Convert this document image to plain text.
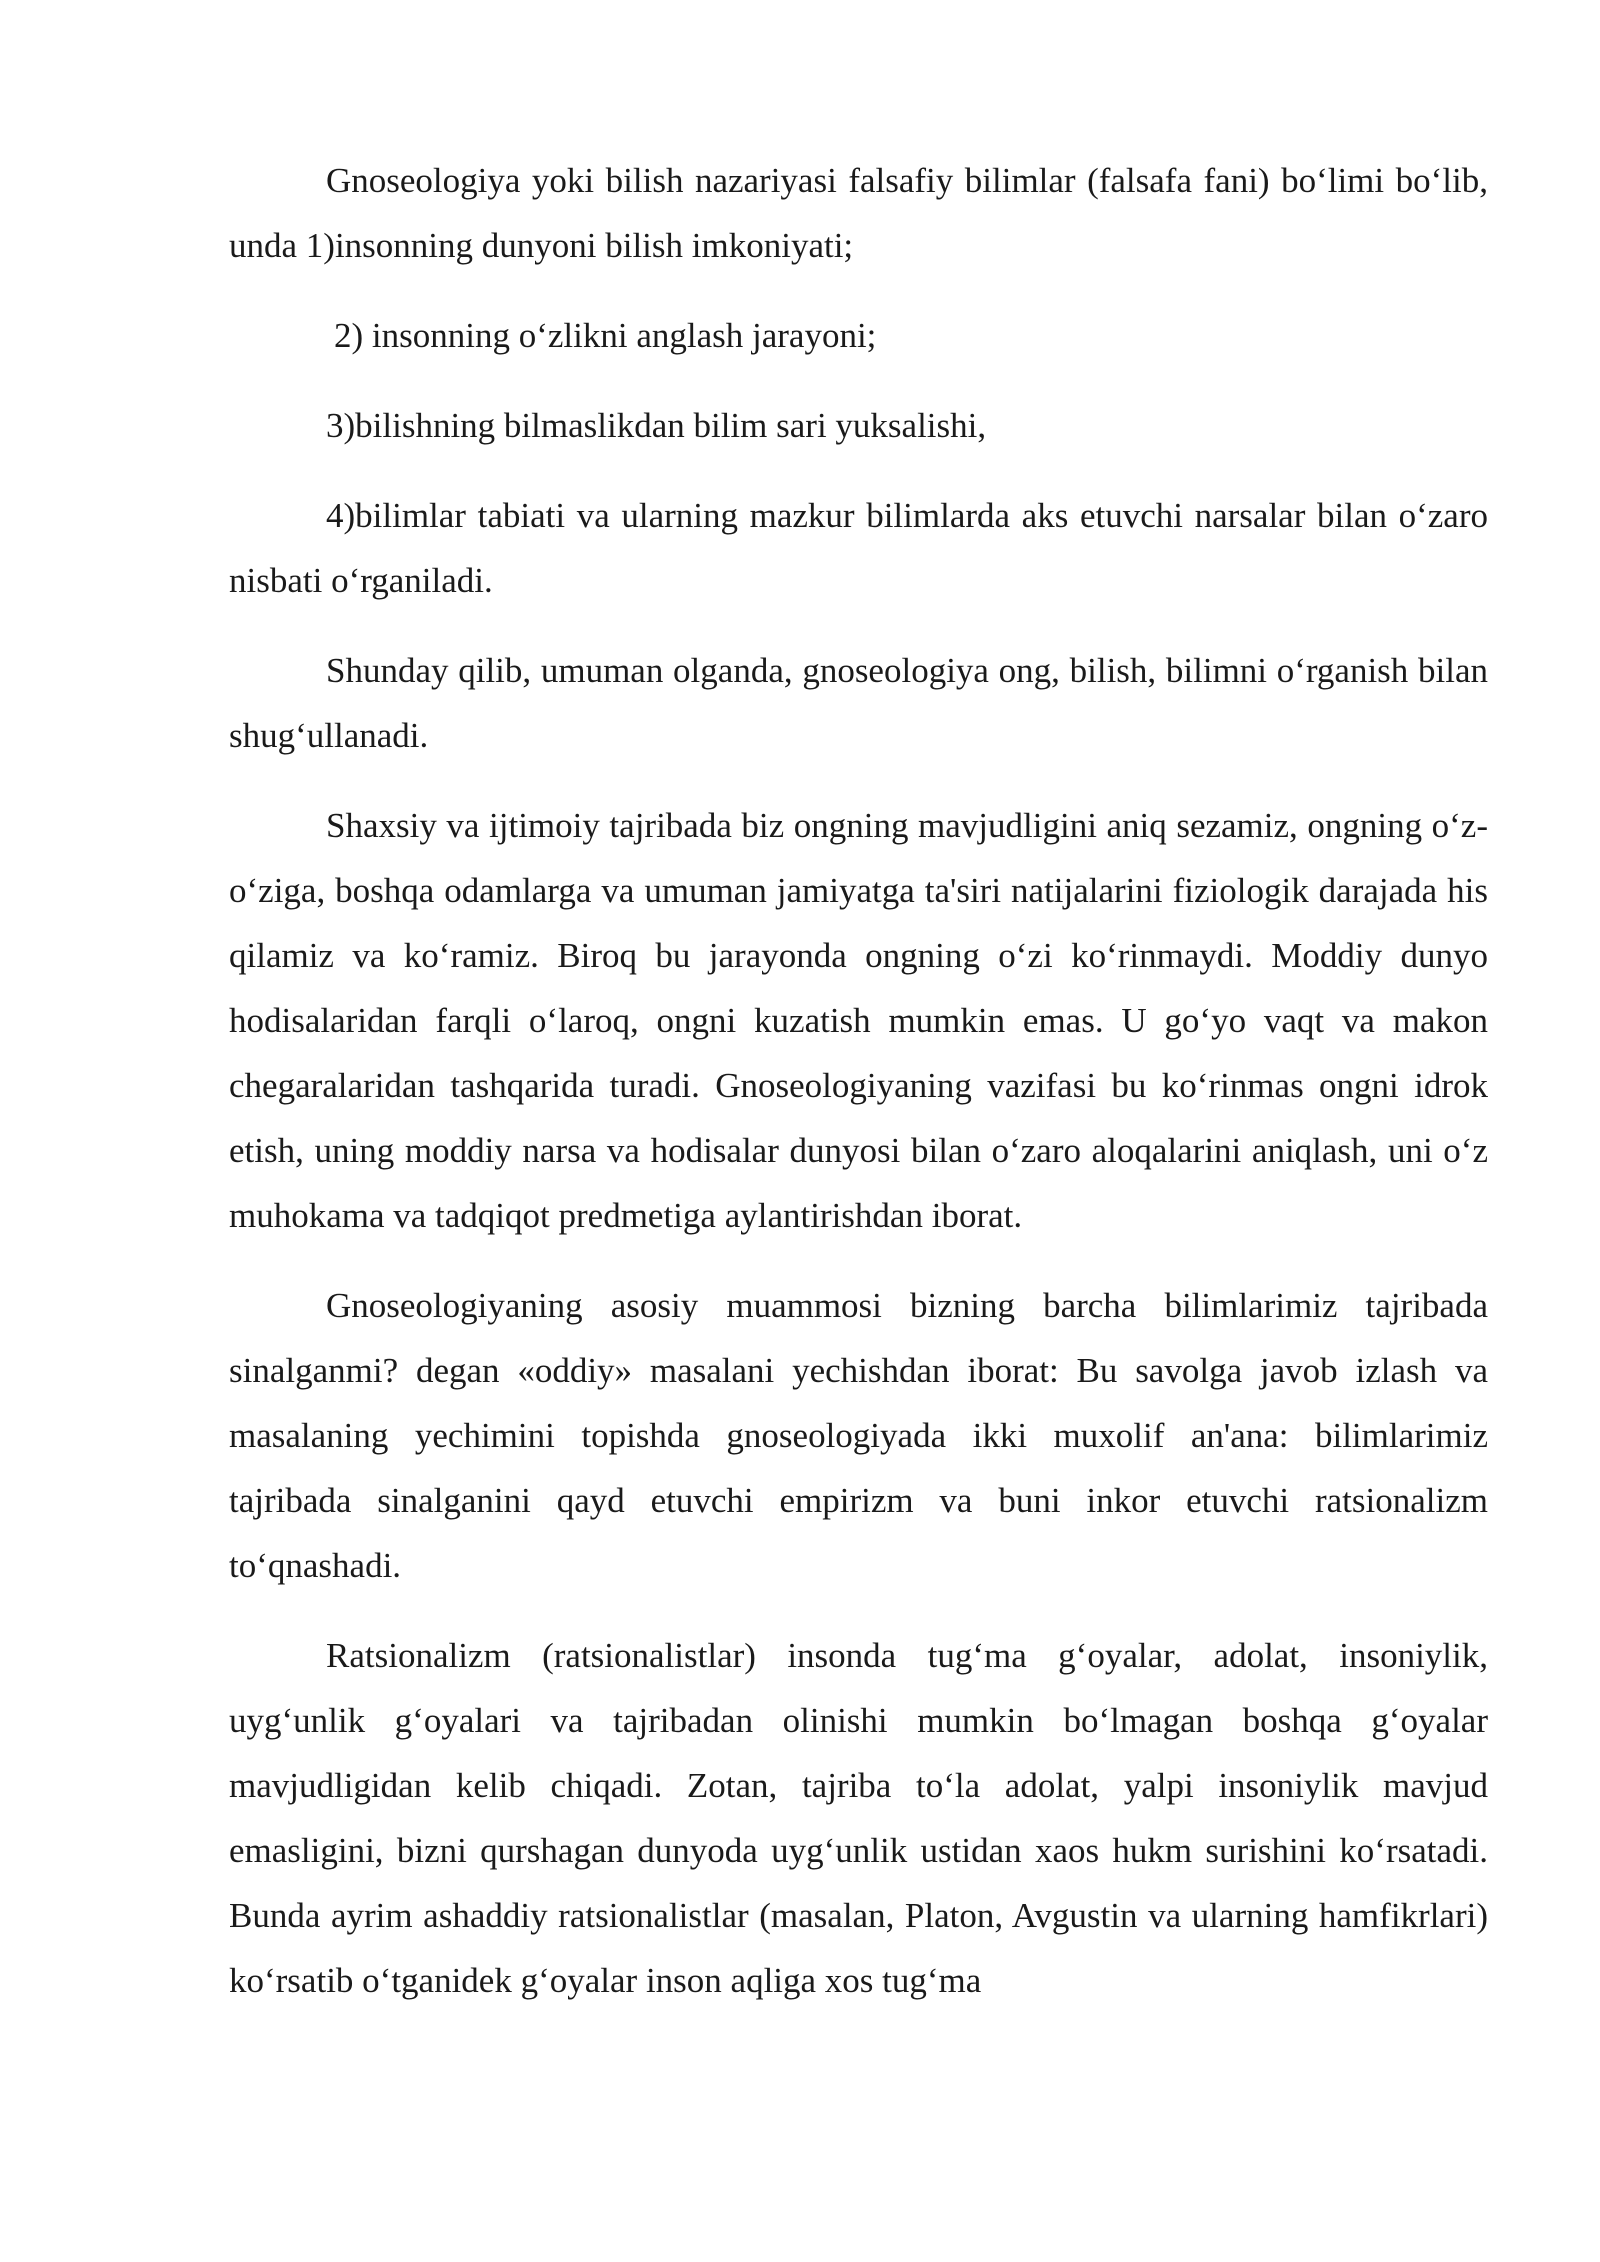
Gnoseologiya yoki bilish nazariyasi falsafiy bilimlar (falsafa fani) bo‘limi bo‘lib, unda 1)insonning dunyoni bilish imkoniyati;

2) insonning o‘zlikni anglash jarayoni;

3)bilishning bilmaslikdan bilim sari yuksalishi,

4)bilimlar tabiati va ularning mazkur bilimlarda aks etuvchi narsalar bilan o‘zaro nisbati o‘rganiladi.

Shunday qilib, umuman olganda, gnoseologiya ong, bilish, bilimni o‘rganish bilan shug‘ullanadi.

Shaxsiy va ijtimoiy tajribada biz ongning mavjudligini aniq sezamiz, ongning o‘z-o‘ziga, boshqa odamlarga va umuman jamiyatga ta'siri natijalarini fiziologik darajada his qilamiz va ko‘ramiz. Biroq bu jarayonda ongning o‘zi ko‘rinmaydi. Moddiy dunyo hodisalaridan farqli o‘laroq, ongni kuzatish mumkin emas. U go‘yo vaqt va makon chegaralaridan tashqarida turadi. Gnoseologiyaning vazifasi bu ko‘rinmas ongni idrok etish, uning moddiy narsa va hodisalar dunyosi bilan o‘zaro aloqalarini aniqlash, uni o‘z muhokama va tadqiqot predmetiga aylantirishdan iborat.

Gnoseologiyaning asosiy muammosi bizning barcha bilimlarimiz tajribada sinalganmi? degan «oddiy» masalani yechishdan iborat: Bu savolga javob izlash va masalaning yechimini topishda gnoseologiyada ikki muxolif an'ana: bilimlarimiz tajribada sinalganini qayd etuvchi empirizm va buni inkor etuvchi ratsionalizm to‘qnashadi.

Ratsionalizm (ratsionalistlar) insonda tug‘ma g‘oyalar, adolat, insoniylik, uyg‘unlik g‘oyalari va tajribadan olinishi mumkin bo‘lmagan boshqa g‘oyalar mavjudligidan kelib chiqadi. Zotan, tajriba to‘la adolat, yalpi insoniylik mavjud emasligini, bizni qurshagan dunyoda uyg‘unlik ustidan xaos hukm surishini ko‘rsatadi. Bunda ayrim ashaddiy ratsionalistlar (masalan, Platon, Avgustin va ularning hamfikrlari) ko‘rsatib o‘tganidek g‘oyalar inson aqliga xos tug‘ma
